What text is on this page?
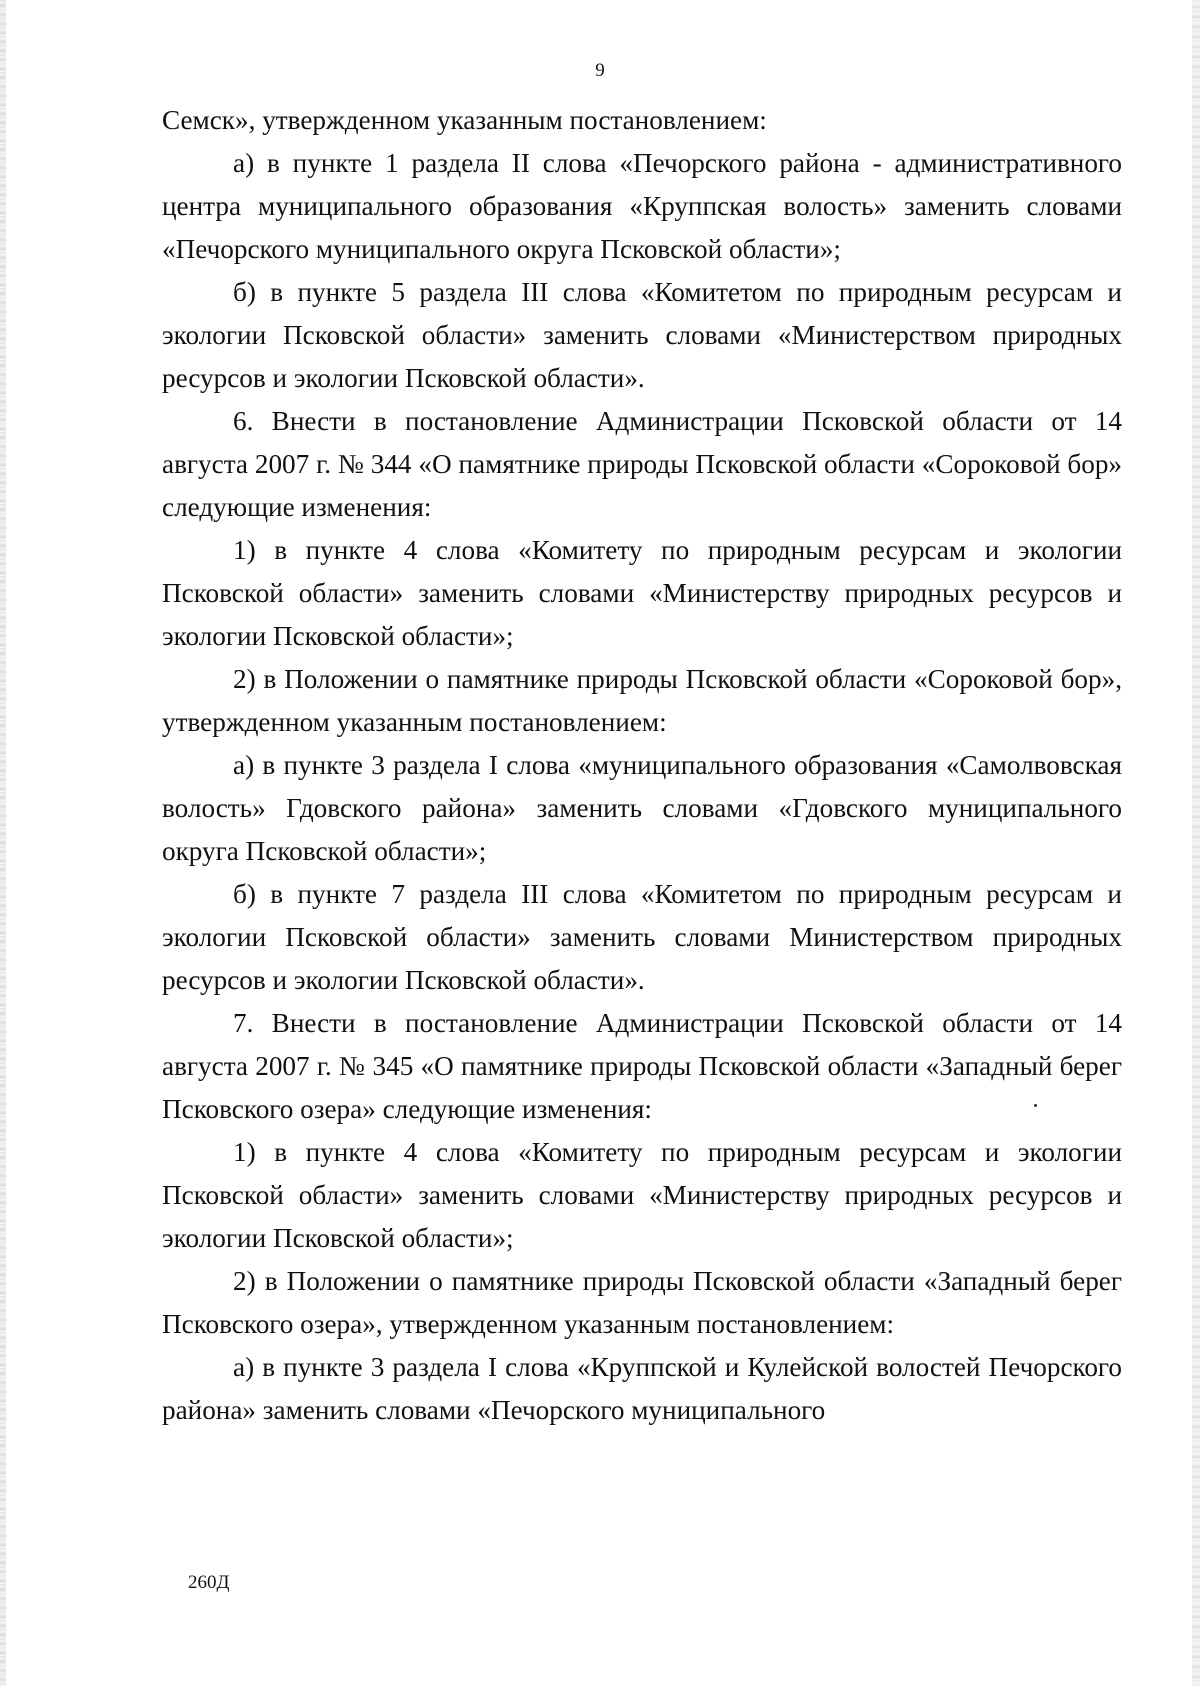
9

Семск», утвержденном указанным постановлением:

а) в пункте 1 раздела II слова «Печорского района - административного центра муниципального образования «Круппская волость» заменить словами «Печорского муниципального округа Псковской области»;

б) в пункте 5 раздела III слова «Комитетом по природным ресурсам и экологии Псковской области» заменить словами «Министерством природных ресурсов и экологии Псковской области».

6. Внести в постановление Администрации Псковской области от 14 августа 2007 г. № 344 «О памятнике природы Псковской области «Сороковой бор» следующие изменения:

1) в пункте 4 слова «Комитету по природным ресурсам и экологии Псковской области» заменить словами «Министерству природных ресурсов и экологии Псковской области»;

2) в Положении о памятнике природы Псковской области «Сороковой бор», утвержденном указанным постановлением:

а) в пункте 3 раздела I слова «муниципального образования «Самолвовская волость» Гдовского района» заменить словами «Гдовского муниципального округа Псковской области»;

б) в пункте 7 раздела III слова «Комитетом по природным ресурсам и экологии Псковской области» заменить словами Министерством природных ресурсов и экологии Псковской области».

7. Внести в постановление Администрации Псковской области от 14 августа 2007 г. № 345 «О памятнике природы Псковской области «Западный берег Псковского озера» следующие изменения:

1) в пункте 4 слова «Комитету по природным ресурсам и экологии Псковской области» заменить словами «Министерству природных ресурсов и экологии Псковской области»;

2) в Положении о памятнике природы Псковской области «Западный берег Псковского озера», утвержденном указанным постановлением:

а) в пункте 3 раздела I слова «Круппской и Кулейской волостей Печорского района» заменить словами «Печорского муниципального

260Д
